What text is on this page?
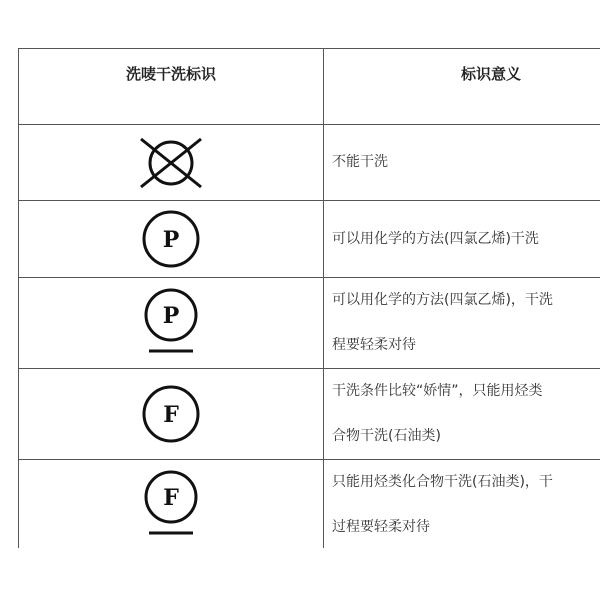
洗唛干洗标识	标识意义

不能干洗

P	可以用化学的方法(四氯乙烯)干洗

P	可以用化学的方法(四氯乙烯)，干洗
程要轻柔对待

F	干洗条件比较“娇情”，只能用烃类
合物干洗(石油类)

F	只能用烃类化合物干洗(石油类)，干
过程要轻柔对待
